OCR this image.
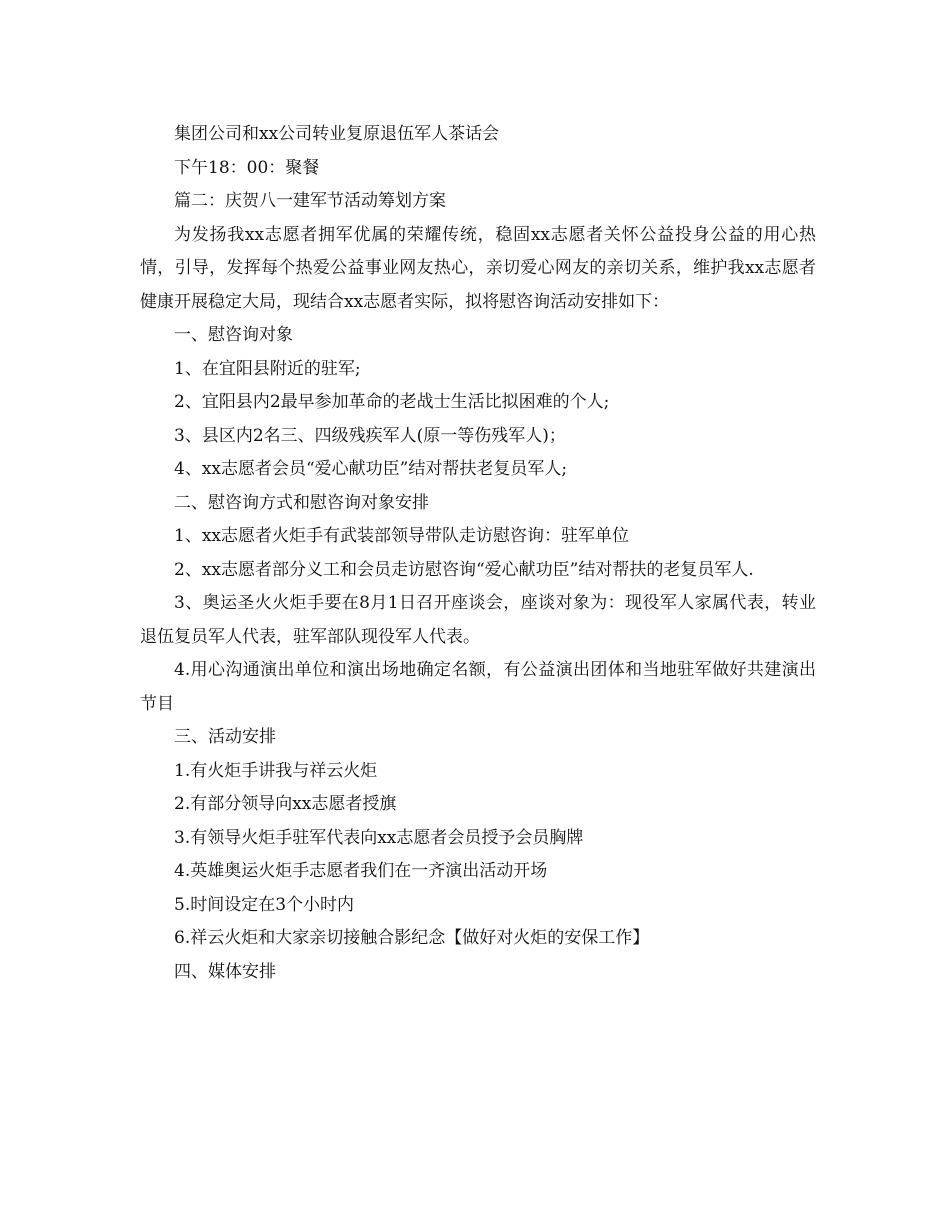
集团公司和xx公司转业复原退伍军人茶话会

下午18：00：聚餐

篇二：庆贺八一建军节活动筹划方案

为发扬我xx志愿者拥军优属的荣耀传统，稳固xx志愿者关怀公益投身公益的用心热情，引导，发挥每个热爱公益事业网友热心，亲切爱心网友的亲切关系，维护我xx志愿者健康开展稳定大局，现结合xx志愿者实际，拟将慰咨询活动安排如下：

一、慰咨询对象

1、在宜阳县附近的驻军;

2、宜阳县内2最早参加革命的老战士生活比拟困难的个人;

3、县区内2名三、四级残疾军人(原一等伤残军人)；

4、xx志愿者会员“爱心献功臣”结对帮扶老复员军人;

二、慰咨询方式和慰咨询对象安排

1、xx志愿者火炬手有武装部领导带队走访慰咨询：驻军单位

2、xx志愿者部分义工和会员走访慰咨询“爱心献功臣”结对帮扶的老复员军人.

3、奥运圣火火炬手要在8月1日召开座谈会，座谈对象为：现役军人家属代表，转业退伍复员军人代表，驻军部队现役军人代表。

4.用心沟通演出单位和演出场地确定名额，有公益演出团体和当地驻军做好共建演出节目

三、活动安排

1.有火炬手讲我与祥云火炬

2.有部分领导向xx志愿者授旗

3.有领导火炬手驻军代表向xx志愿者会员授予会员胸牌

4.英雄奥运火炬手志愿者我们在一齐演出活动开场

5.时间设定在3个小时内

6.祥云火炬和大家亲切接触合影纪念【做好对火炬的安保工作】

四、媒体安排
